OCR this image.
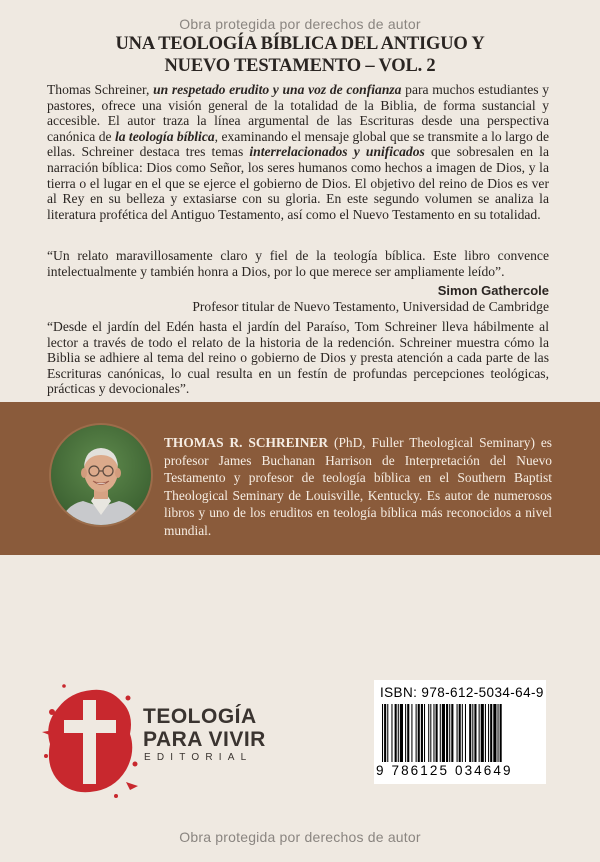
Obra protegida por derechos de autor
UNA TEOLOGÍA BÍBLICA DEL ANTIGUO Y
NUEVO TESTAMENTO – VOL. 2
Thomas Schreiner, un respetado erudito y una voz de confianza para muchos estudiantes y pastores, ofrece una visión general de la totalidad de la Biblia, de forma sustancial y accesible. El autor traza la línea argumental de las Escrituras desde una perspectiva canónica de la teología bíblica, examinando el mensaje global que se transmite a lo largo de ellas. Schreiner destaca tres temas interrelacionados y unificados que sobresalen en la narración bíblica: Dios como Señor, los seres humanos como hechos a imagen de Dios, y la tierra o el lugar en el que se ejerce el gobierno de Dios. El objetivo del reino de Dios es ver al Rey en su belleza y extasiarse con su gloria. En este segundo volumen se analiza la literatura profética del Antiguo Testamento, así como el Nuevo Testamento en su totalidad.
“Un relato maravillosamente claro y fiel de la teología bíblica. Este libro convence intelectualmente y también honra a Dios, por lo que merece ser ampliamente leído”.
Simon Gathercole
Profesor titular de Nuevo Testamento, Universidad de Cambridge
“Desde el jardín del Edén hasta el jardín del Paraíso, Tom Schreiner lleva hábilmente al lector a través de todo el relato de la historia de la redención. Schreiner muestra cómo la Biblia se adhiere al tema del reino o gobierno de Dios y presta atención a cada parte de las Escrituras canónicas, lo cual resulta en un festín de profundas percepciones teológicas, prácticas y devocionales”.
THOMAS R. SCHREINER (PhD, Fuller Theological Seminary) es profesor James Buchanan Harrison de Interpretación del Nuevo Testamento y profesor de teología bíblica en el Southern Baptist Theological Seminary de Louisville, Kentucky. Es autor de numerosos libros y uno de los eruditos en teología bíblica más reconocidos a nivel mundial.
TEOLOGÍA
PARA VIVIR
EDITORIAL
ISBN: 978-612-5034-64-9
9 786125 034649
Obra protegida por derechos de autor
